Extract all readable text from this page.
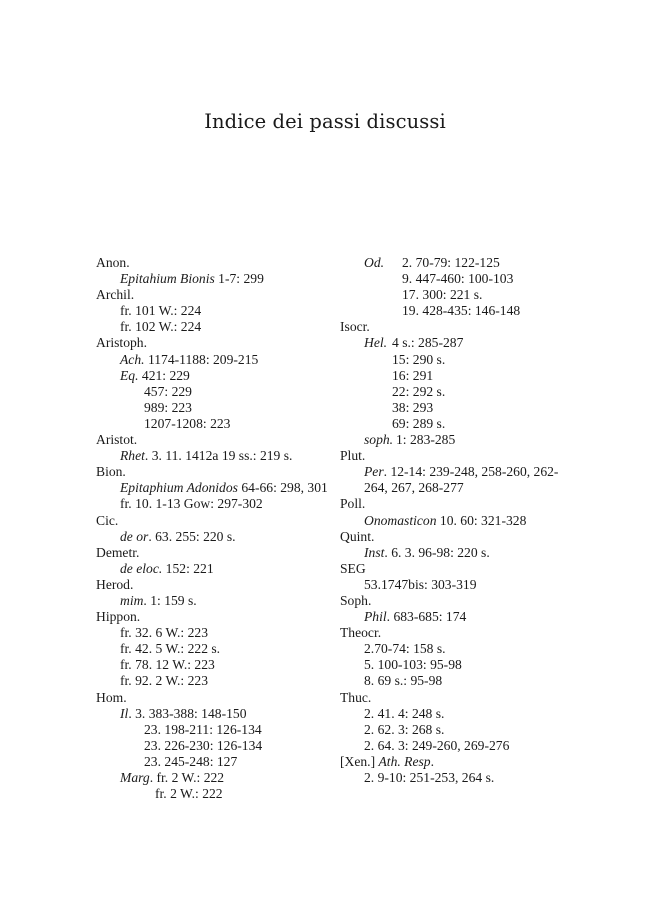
Indice dei passi discussi
Anon.
Epitahium Bionis 1-7: 299
Archil.
fr. 101 W.: 224
fr. 102 W.: 224
Aristoph.
Ach. 1174-1188: 209-215
Eq. 421: 229
457: 229
989: 223
1207-1208: 223
Aristot.
Rhet. 3. 11. 1412a 19 ss.: 219 s.
Bion.
Epitaphium Adonidos 64-66: 298, 301
fr. 10. 1-13 Gow: 297-302
Cic.
de or. 63. 255: 220 s.
Demetr.
de eloc. 152: 221
Herod.
mim. 1: 159 s.
Hippon.
fr. 32. 6 W.: 223
fr. 42. 5 W.: 222 s.
fr. 78. 12 W.: 223
fr. 92. 2 W.: 223
Hom.
Il. 3. 383-388: 148-150
23. 198-211: 126-134
23. 226-230: 126-134
23. 245-248: 127
Marg. fr. 2 W.: 222
fr. 2 W.: 222
Od. 2. 70-79: 122-125
9. 447-460: 100-103
17. 300: 221 s.
19. 428-435: 146-148
Isocr.
Hel. 4 s.: 285-287
15: 290 s.
16: 291
22: 292 s.
38: 293
69: 289 s.
soph. 1: 283-285
Plut.
Per. 12-14: 239-248, 258-260, 262-
264, 267, 268-277
Poll.
Onomasticon 10. 60: 321-328
Quint.
Inst. 6. 3. 96-98: 220 s.
SEG
53.1747bis: 303-319
Soph.
Phil. 683-685: 174
Theocr.
2.70-74: 158 s.
5. 100-103: 95-98
8. 69 s.: 95-98
Thuc.
2. 41. 4: 248 s.
2. 62. 3: 268 s.
2. 64. 3: 249-260, 269-276
[Xen.] Ath. Resp.
2. 9-10: 251-253, 264 s.
